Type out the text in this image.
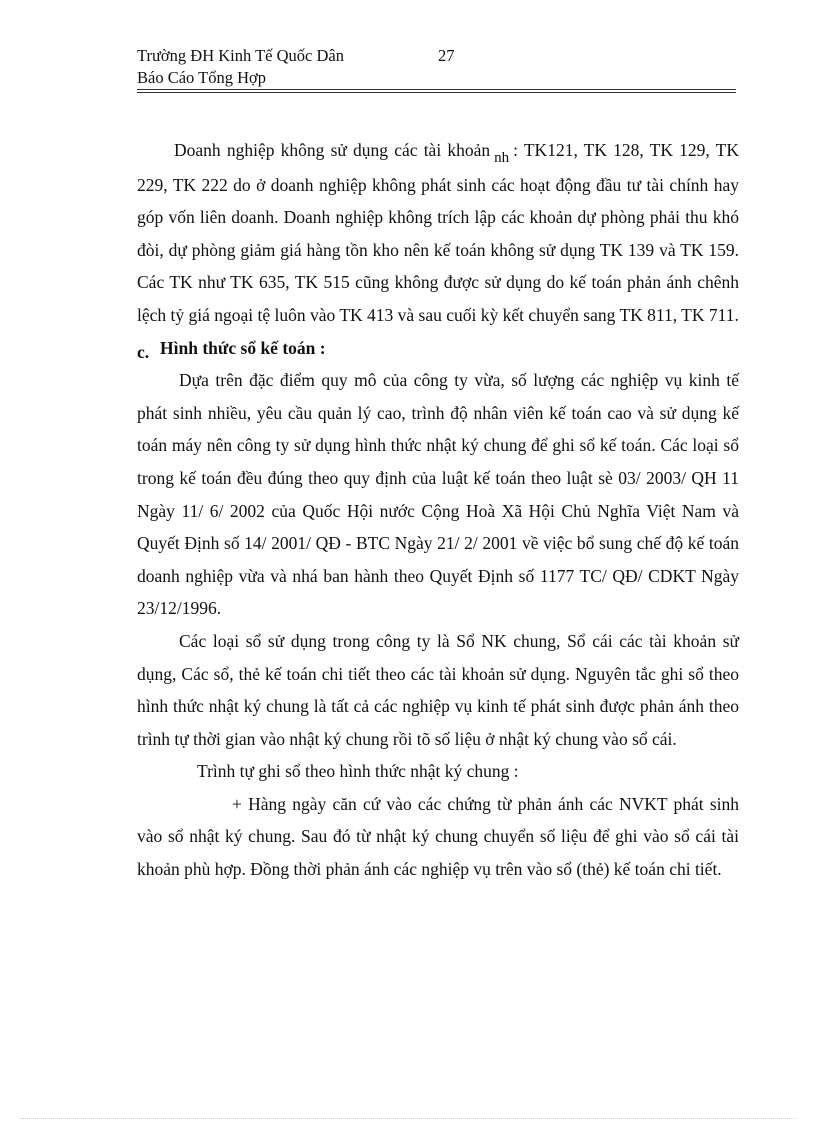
Trường ĐH Kinh Tế Quốc Dân	27
Báo Cáo Tổng Hợp

Doanh nghiệp không sử dụng các tài khoản nh : TK121, TK 128, TK 129, TK 229, TK 222 do ở doanh nghiệp không phát sinh các hoạt động đầu tư tài chính hay góp vốn liên doanh. Doanh nghiệp không trích lập các khoản dự phòng phải thu khó đòi, dự phòng giảm giá hàng tồn kho nên kế toán không sử dụng TK 139 và TK 159. Các TK như TK 635, TK 515 cũng không được sử dụng do kế toán phản ánh chênh lệch tỷ giá ngoại tệ luôn vào TK 413 và sau cuối kỳ kết chuyển sang TK 811, TK 711.

c. Hình thức sổ kế toán :

Dựa trên đặc điểm quy mô của công ty vừa, số lượng các nghiệp vụ kinh tế phát sinh nhiều, yêu cầu quản lý cao, trình độ nhân viên kế toán cao và sử dụng kế toán máy nên công ty sử dụng hình thức nhật ký chung để ghi sổ kế toán. Các loại sổ trong kế toán đều đúng theo quy định của luật kế toán theo luật sè 03/ 2003/ QH 11 Ngày 11/ 6/ 2002 của Quốc Hội nước Cộng Hoà Xã Hội Chủ Nghĩa Việt Nam và Quyết Định số 14/ 2001/ QĐ - BTC Ngày 21/ 2/ 2001 về việc bổ sung chế độ kế toán doanh nghiệp vừa và nhá ban hành theo Quyết Định số 1177 TC/ QĐ/ CDKT Ngày 23/12/1996.

Các loại sổ sử dụng trong công ty là Sổ NK chung, Sổ cái các tài khoản sử dụng, Các sổ, thẻ kế toán chi tiết theo các tài khoản sử dụng. Nguyên tắc ghi sổ theo hình thức nhật ký chung là tất cả các nghiệp vụ kinh tế phát sinh được phản ánh theo trình tự thời gian vào nhật ký chung rồi tõ số liệu ở nhật ký chung vào sổ cái.

Trình tự ghi sổ theo hình thức nhật ký chung :

+ Hàng ngày căn cứ vào các chứng từ phản ánh các NVKT phát sinh vào sổ nhật ký chung. Sau đó từ nhật ký chung chuyển số liệu để ghi vào sổ cái tài khoản phù hợp. Đồng thời phản ánh các nghiệp vụ trên vào sổ (thẻ) kế toán chi tiết.
